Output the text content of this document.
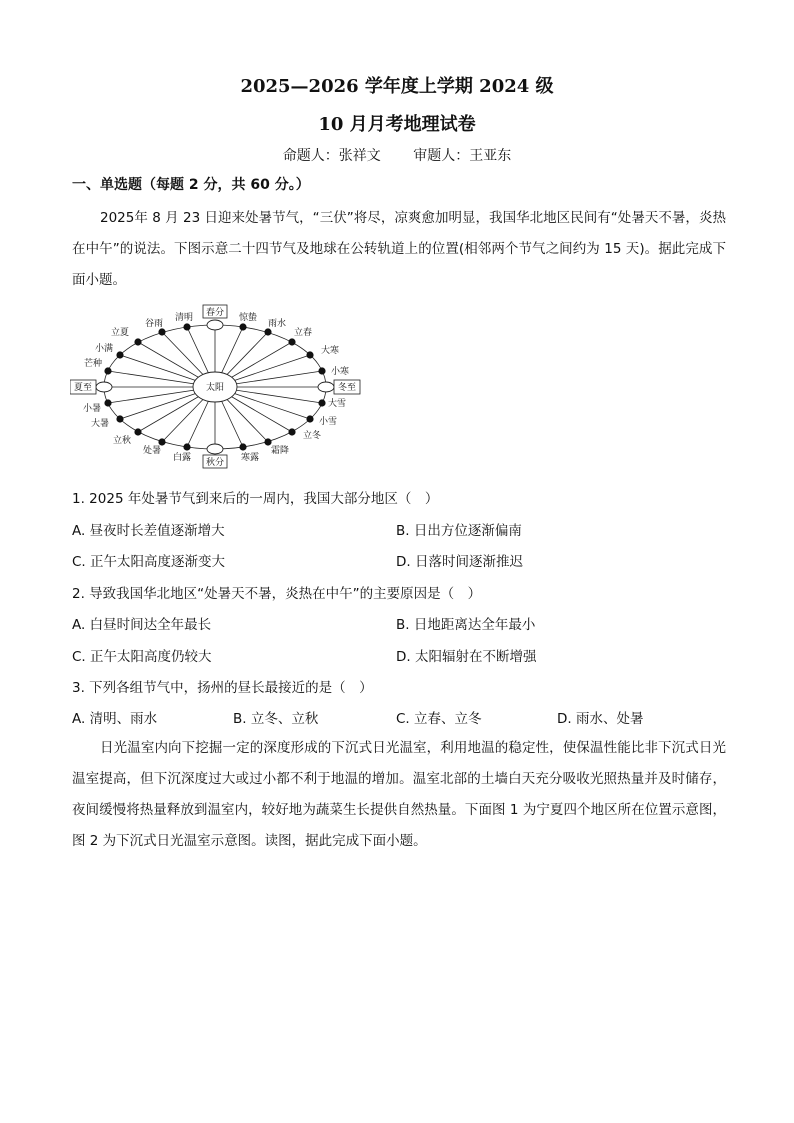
2025—2026 学年度上学期 2024 级
10 月月考地理试卷
命题人：张祥文 审题人：王亚东
一、单选题（每题 2 分，共 60 分。）
2025年 8 月 23 日迎来处暑节气，“三伏”将尽，凉爽愈加明显，我国华北地区民间有“处暑天不暑，炎热在中午”的说法。下图示意二十四节气及地球在公转轨道上的位置(相邻两个节气之间约为 15 天)。据此完成下面小题。
太阳
春分
秋分
夏至	冬至
谷雨
清明	惊蛰
雨水
立春
大寒
小寒
大雪
小雪
立冬
霜降
寒露
白露
处暑
立秋
小暑
大暑
立夏
小满
芒种
1. 2025 年处暑节气到来后的一周内，我国大部分地区（　）
A. 昼夜时长差值逐渐增大	B. 日出方位逐渐偏南
C. 正午太阳高度逐渐变大	D. 日落时间逐渐推迟
2. 导致我国华北地区“处暑天不暑，炎热在中午”的主要原因是（　）
A. 白昼时间达全年最长	B. 日地距离达全年最小
C. 正午太阳高度仍较大	D. 太阳辐射在不断增强
3. 下列各组节气中，扬州的昼长最接近的是（　）
A. 清明、雨水	B. 立冬、立秋	C. 立春、立冬	D. 雨水、处暑
日光温室内向下挖掘一定的深度形成的下沉式日光温室，利用地温的稳定性，使保温性能比非下沉式日光温室提高，但下沉深度过大或过小都不利于地温的增加。温室北部的土墙白天充分吸收光照热量并及时储存，夜间缓慢将热量释放到温室内，较好地为蔬菜生长提供自然热量。下面图 1 为宁夏四个地区所在位置示意图，图 2 为下沉式日光温室示意图。读图，据此完成下面小题。
